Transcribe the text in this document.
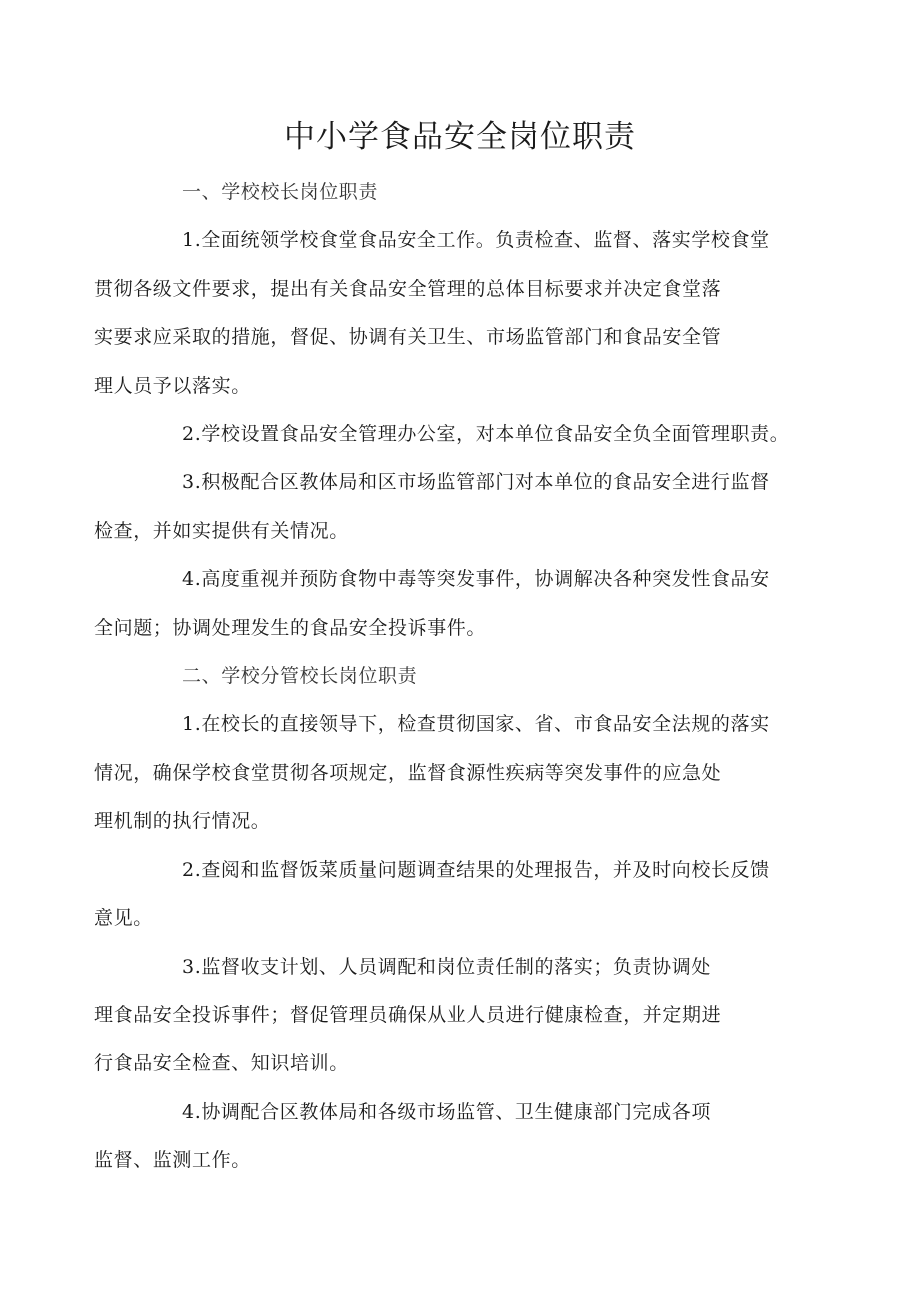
中小学食品安全岗位职责
一、学校校长岗位职责
1.全面统领学校食堂食品安全工作。负责检查、监督、落实学校食堂
贯彻各级文件要求，提出有关食品安全管理的总体目标要求并决定食堂落
实要求应采取的措施，督促、协调有关卫生、市场监管部门和食品安全管
理人员予以落实。
2.学校设置食品安全管理办公室，对本单位食品安全负全面管理职责。
3.积极配合区教体局和区市场监管部门对本单位的食品安全进行监督
检查，并如实提供有关情况。
4.高度重视并预防食物中毒等突发事件，协调解决各种突发性食品安
全问题；协调处理发生的食品安全投诉事件。
二、学校分管校长岗位职责
1.在校长的直接领导下，检查贯彻国家、省、市食品安全法规的落实
情况，确保学校食堂贯彻各项规定，监督食源性疾病等突发事件的应急处
理机制的执行情况。
2.查阅和监督饭菜质量问题调查结果的处理报告，并及时向校长反馈
意见。
3.监督收支计划、人员调配和岗位责任制的落实；负责协调处
理食品安全投诉事件；督促管理员确保从业人员进行健康检查，并定期进
行食品安全检查、知识培训。
4.协调配合区教体局和各级市场监管、卫生健康部门完成各项
监督、监测工作。
